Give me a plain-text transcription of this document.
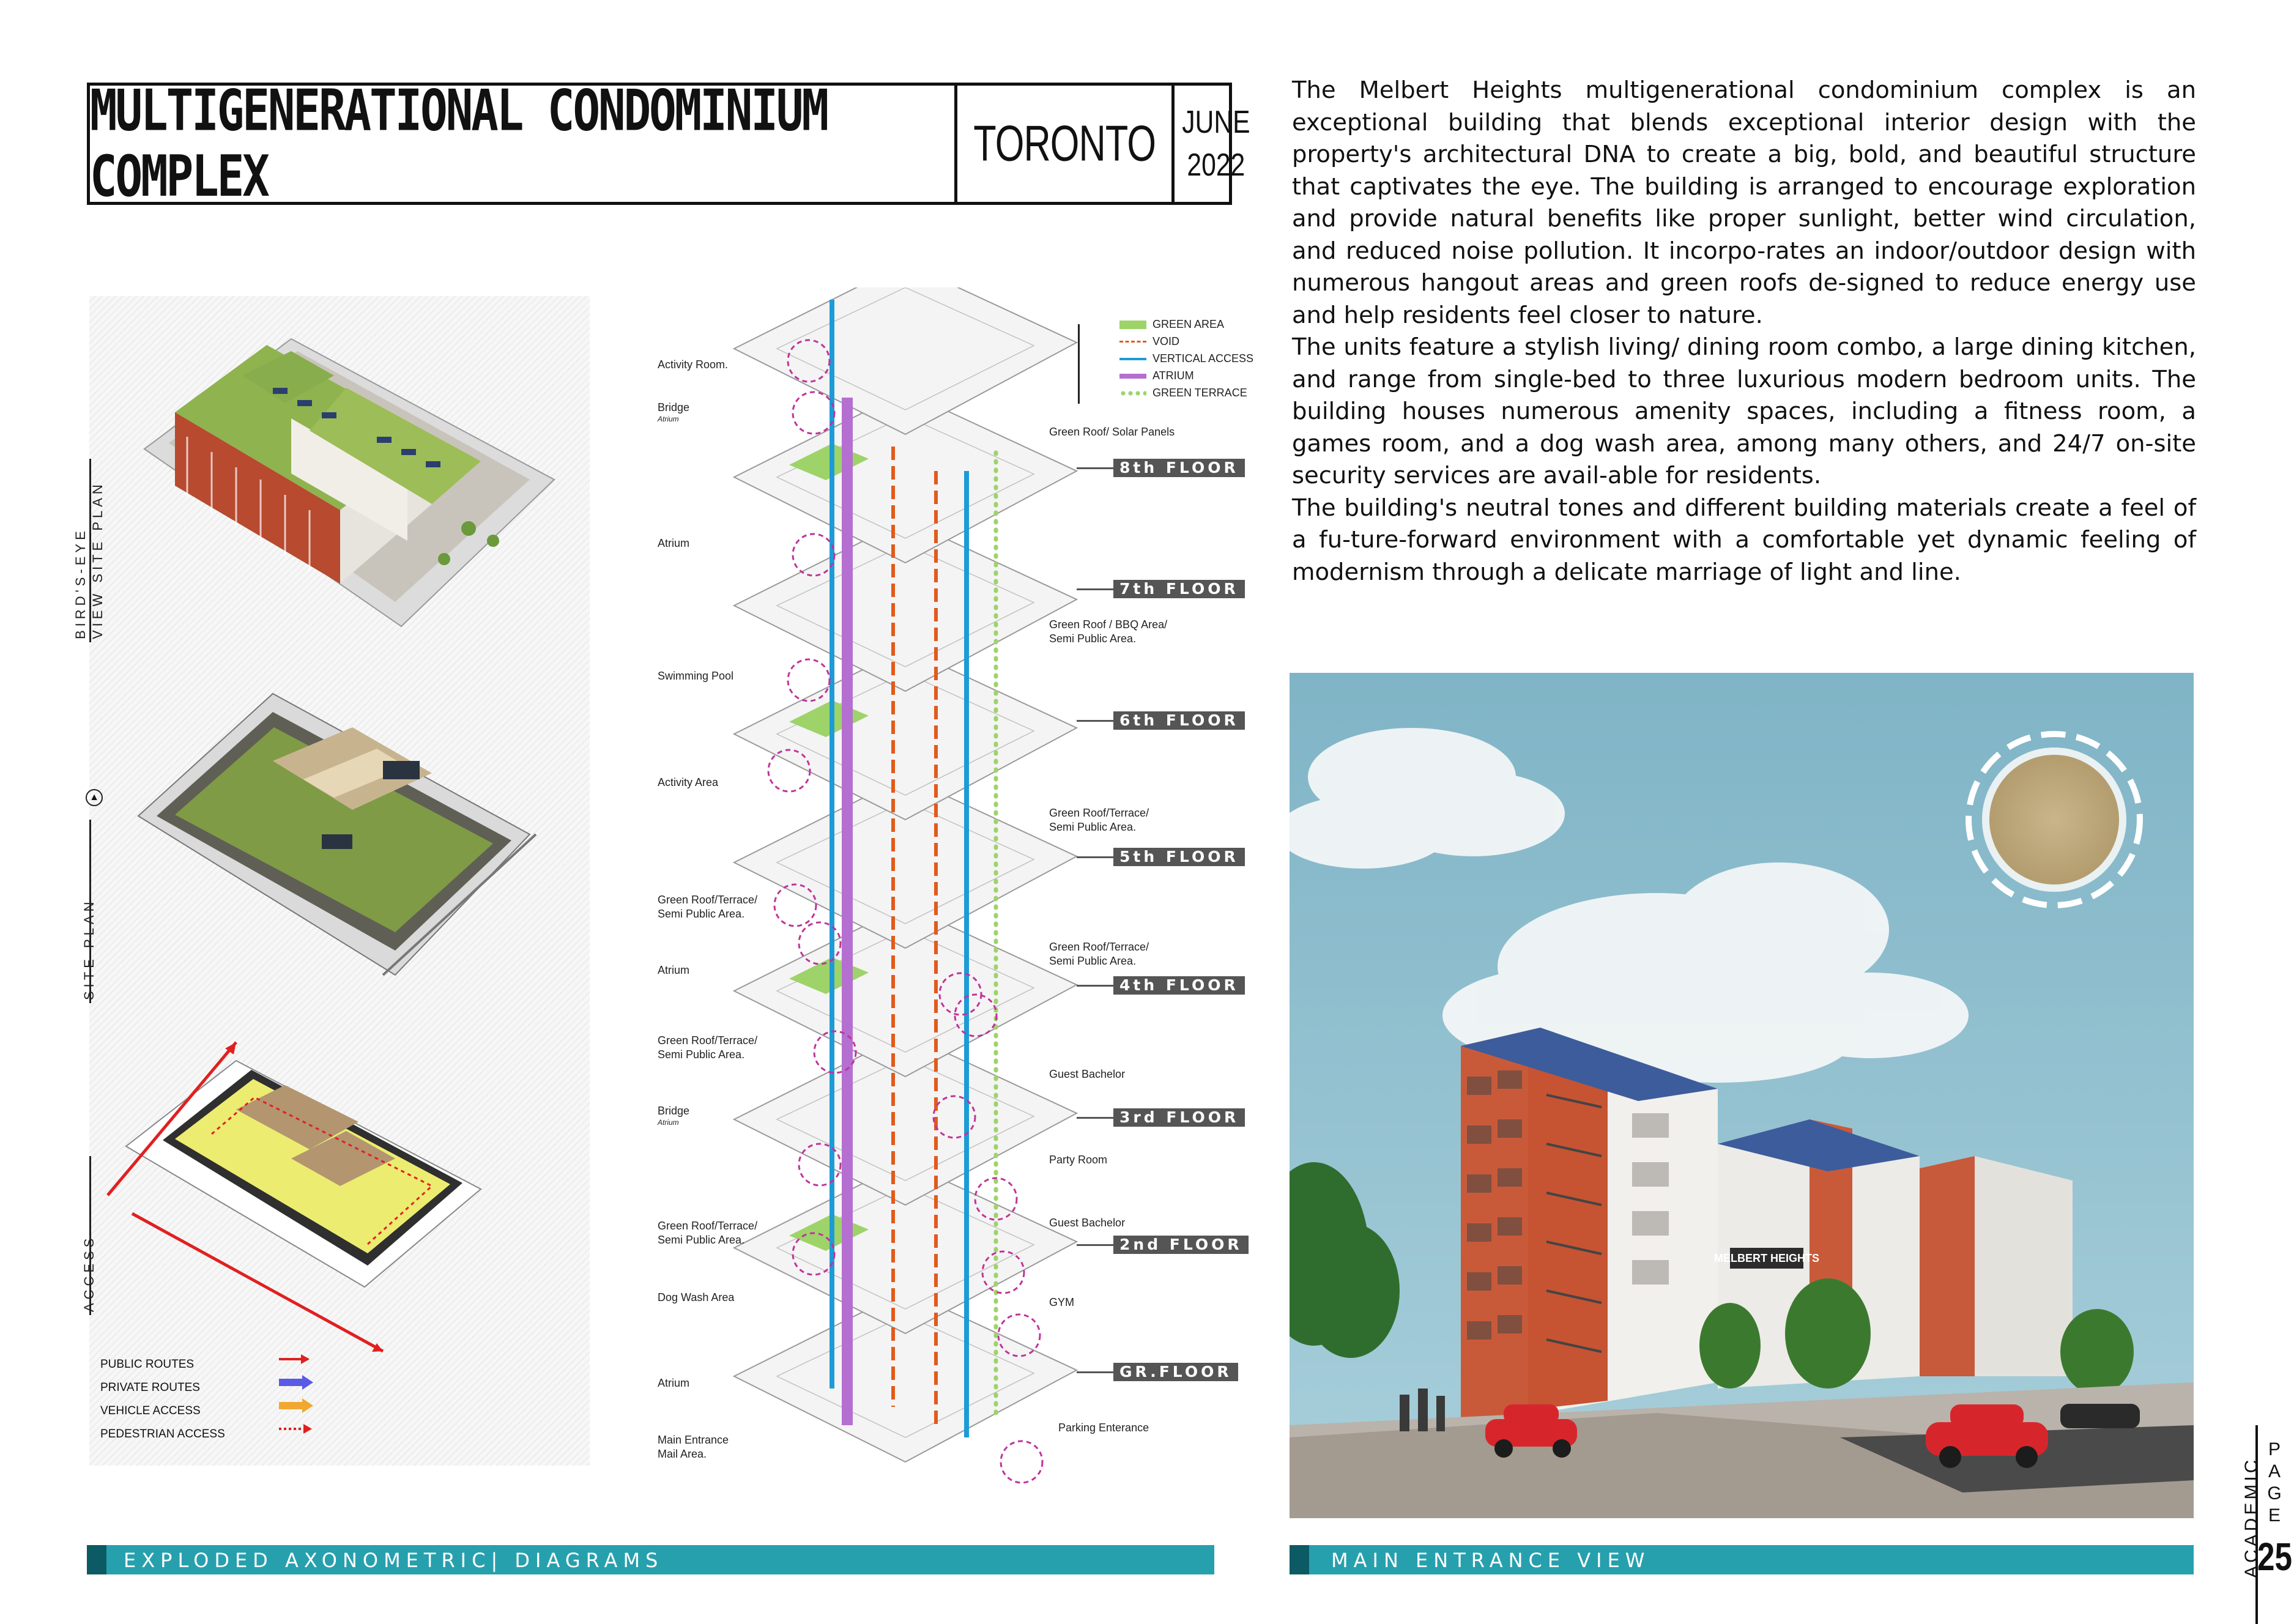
MULTIGENERATIONAL CONDOMINIUM COMPLEX	TORONTO JUNE
2022

The Melbert Heights multigenerational condominium complex is an exceptional building that blends exceptional interior design with the property's architectural DNA to create a big, bold, and beautiful structure that captivates the eye. The building is arranged to encourage exploration and provide natural benefits like proper sunlight, better wind circulation, and reduced noise pollution. It incorpo-rates an indoor/outdoor design with numerous hangout areas and green roofs de-signed to reduce energy use and help residents feel closer to nature.

The units feature a stylish living/ dining room combo, a large dining kitchen, and range from single-bed to three luxurious modern bedroom units. The building houses numerous amenity spaces, including a fitness room, a games room, and a dog wash area, among many others, and 24/7 on-site security services are avail-able for residents.

The building's neutral tones and different building materials create a feel of a fu-ture-forward environment with a comfortable yet dynamic feeling of modernism through a delicate marriage of light and line.

PUBLIC ROUTES
PRIVATE ROUTES
VEHICLE ACCESS
PEDESTRIAN ACCESS
BIRD'S-EYE VIEW SITE PLAN
▲
SITE PLAN
ACCESS
GREEN AREA
VOID
VERTICAL ACCESS
ATRIUM
GREEN TERRACE
8th FLOOR
7th FLOOR
6th FLOOR
5th FLOOR
4th FLOOR
3rd FLOOR
2nd FLOOR
GR.FLOOR
Activity Room.
Bridge
Atrium
Atrium
Swimming Pool
Activity Area
Green Roof/Terrace/
Semi Public Area.
Atrium
Green Roof/Terrace/
Semi Public Area.
Bridge
Atrium
Green Roof/Terrace/
Semi Public Area.
Dog Wash Area
Atrium
Main Entrance
Mail Area.
Green Roof/ Solar Panels
Green Roof / BBQ Area/
Semi Public Area.
Green Roof/Terrace/
Semi Public Area.
Green Roof/Terrace/
Semi Public Area.
Guest Bachelor
Party Room
Guest Bachelor
GYM
Parking Enterance
MELBERT HEIGHTS
EXPLODED AXONOMETRIC| DIAGRAMS	MAIN ENTRANCE VIEW	ACADEMIC
P
A
G
E
25
